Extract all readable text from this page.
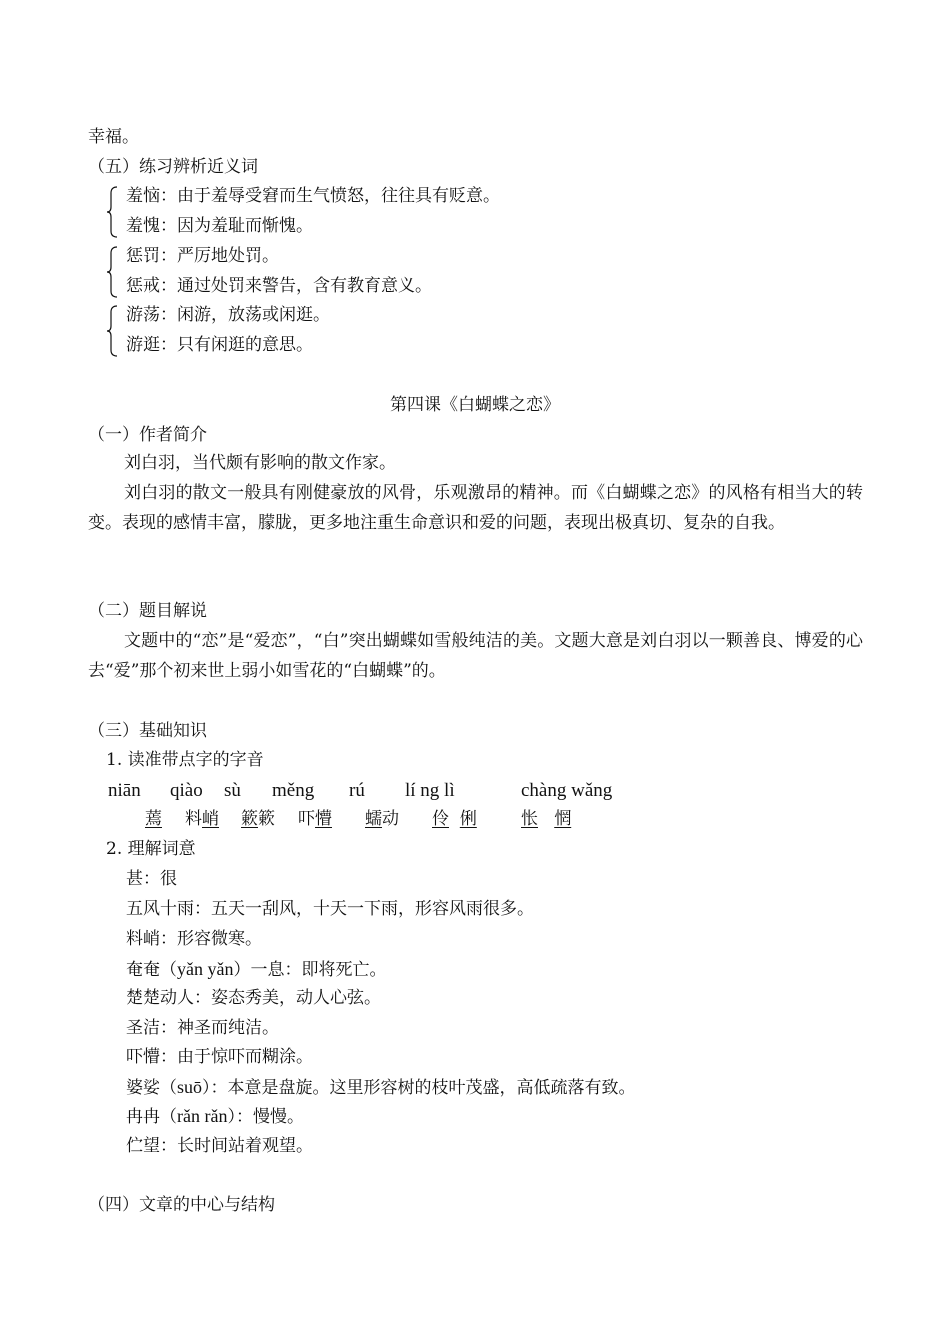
幸福。
（五）练习辨析近义词
羞恼：由于羞辱受窘而生气愤怒，往往具有贬意。
羞愧：因为羞耻而惭愧。
惩罚：严厉地处罚。
惩戒：通过处罚来警告，含有教育意义。
游荡：闲游，放荡或闲逛。
游逛：只有闲逛的意思。
第四课《白蝴蝶之恋》
（一）作者简介
刘白羽，当代颇有影响的散文作家。
刘白羽的散文一般具有刚健豪放的风骨，乐观激昂的精神。而《白蝴蝶之恋》的风格有相当大的转变。表现的感情丰富，朦胧，更多地注重生命意识和爱的问题，表现出极真切、复杂的自我。
（二）题目解说
文题中的“恋”是“爱恋”，“白”突出蝴蝶如雪般纯洁的美。文题大意是刘白羽以一颗善良、博爱的心去“爱”那个初来世上弱小如雪花的“白蝴蝶”的。
（三）基础知识
1. 读准带点字的字音
niān qiào sù měng rú lí ng lì	chàng wǎng
蔫 料峭 簌簌 吓懵 蠕动 伶 俐	怅 惘
2. 理解词意
甚：很
五风十雨：五天一刮风，十天一下雨，形容风雨很多。
料峭：形容微寒。
奄奄（yǎn yǎn）一息：即将死亡。
楚楚动人：姿态秀美，动人心弦。
圣洁：神圣而纯洁。
吓懵：由于惊吓而糊涂。
婆娑（suō）：本意是盘旋。这里形容树的枝叶茂盛，高低疏落有致。
冉冉（rǎn rǎn）：慢慢。
伫望：长时间站着观望。
（四）文章的中心与结构
